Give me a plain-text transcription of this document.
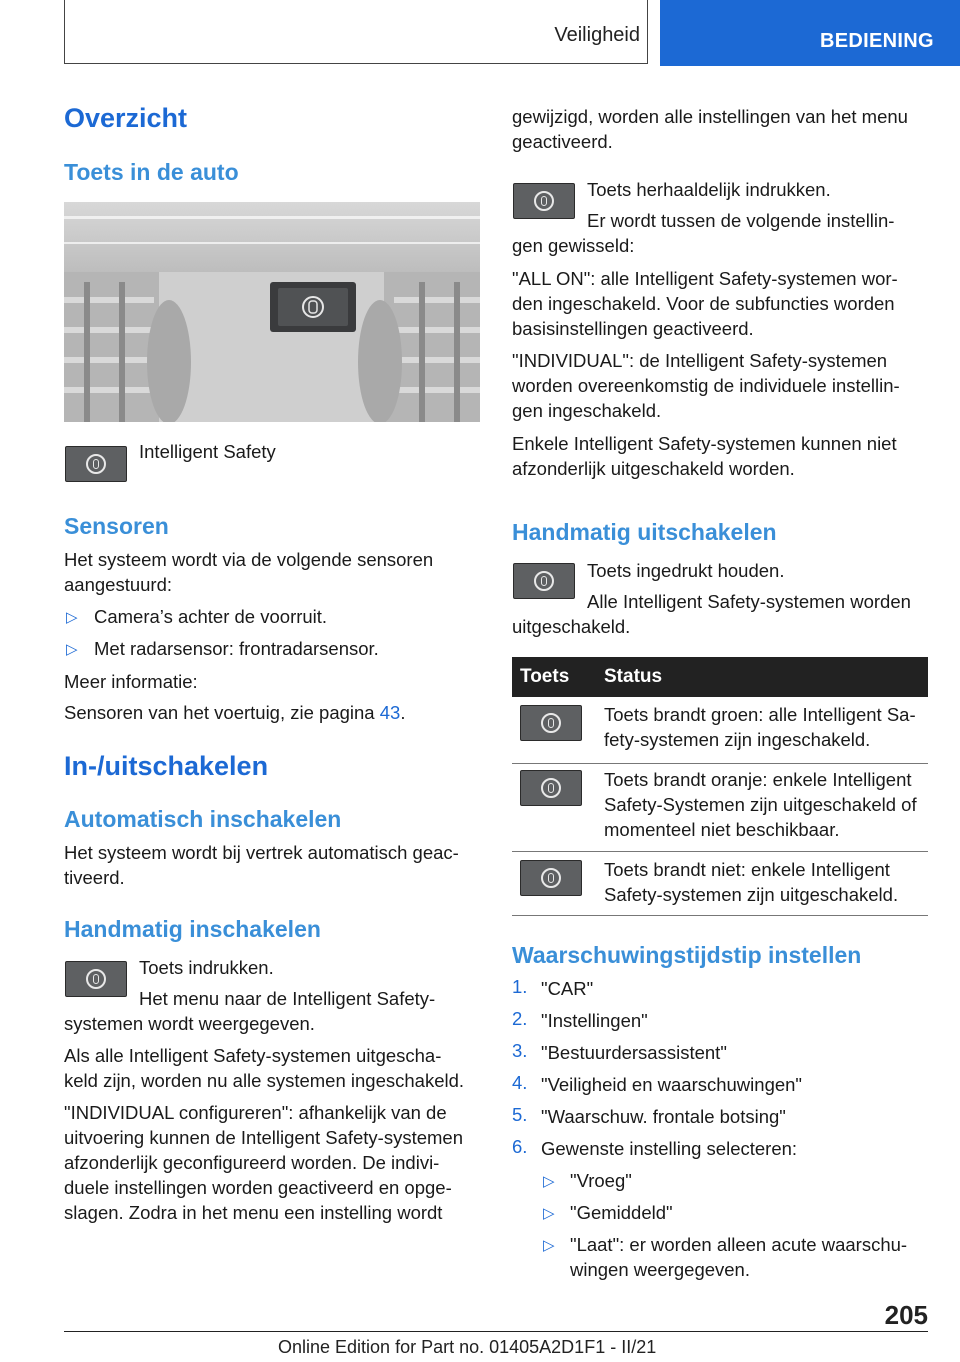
Veiligheid	BEDIENING
Overzicht
Toets in de auto
Intelligent Safety
Sensoren
Het systeem wordt via de volgende sensoren
aangestuurd:
▷ Camera’s achter de voorruit.
▷ Met radarsensor: frontradarsensor.
Meer informatie:
Sensoren van het voertuig, zie pagina 43.
In-/uitschakelen
Automatisch inschakelen
Het systeem wordt bij vertrek automatisch geac-
tiveerd.
Handmatig inschakelen
Toets indrukken.
Het menu naar de Intelligent Safety-
systemen wordt weergegeven.
Als alle Intelligent Safety-systemen uitgescha-
keld zijn, worden nu alle systemen ingeschakeld.
"INDIVIDUAL configureren": afhankelijk van de
uitvoering kunnen de Intelligent Safety-systemen
afzonderlijk geconfigureerd worden. De indivi-
duele instellingen worden geactiveerd en opge-
slagen. Zodra in het menu een instelling wordt
gewijzigd, worden alle instellingen van het menu
geactiveerd.
Toets herhaaldelijk indrukken.
Er wordt tussen de volgende instellin-
gen gewisseld:
"ALL ON": alle Intelligent Safety-systemen wor-
den ingeschakeld. Voor de subfuncties worden
basisinstellingen geactiveerd.
"INDIVIDUAL": de Intelligent Safety-systemen
worden overeenkomstig de individuele instellin-
gen ingeschakeld.
Enkele Intelligent Safety-systemen kunnen niet
afzonderlijk uitgeschakeld worden.
Handmatig uitschakelen
Toets ingedrukt houden.
Alle Intelligent Safety-systemen worden
uitgeschakeld.
Toets	Status

	Toets brandt groen: alle Intelligent Sa-
fety-systemen zijn ingeschakeld.

	Toets brandt oranje: enkele Intelligent
Safety-Systemen zijn uitgeschakeld of
momenteel niet beschikbaar.

	Toets brandt niet: enkele Intelligent
Safety-systemen zijn uitgeschakeld.
Waarschuwingstijdstip instellen
1. "CAR"
2. "Instellingen"
3. "Bestuurdersassistent"
4. "Veiligheid en waarschuwingen"
5. "Waarschuw. frontale botsing"
6. Gewenste instelling selecteren:
▷ "Vroeg"
▷ "Gemiddeld"
▷ "Laat": er worden alleen acute waarschu-
wingen weergegeven.
205
Online Edition for Part no. 01405A2D1F1 - II/21
